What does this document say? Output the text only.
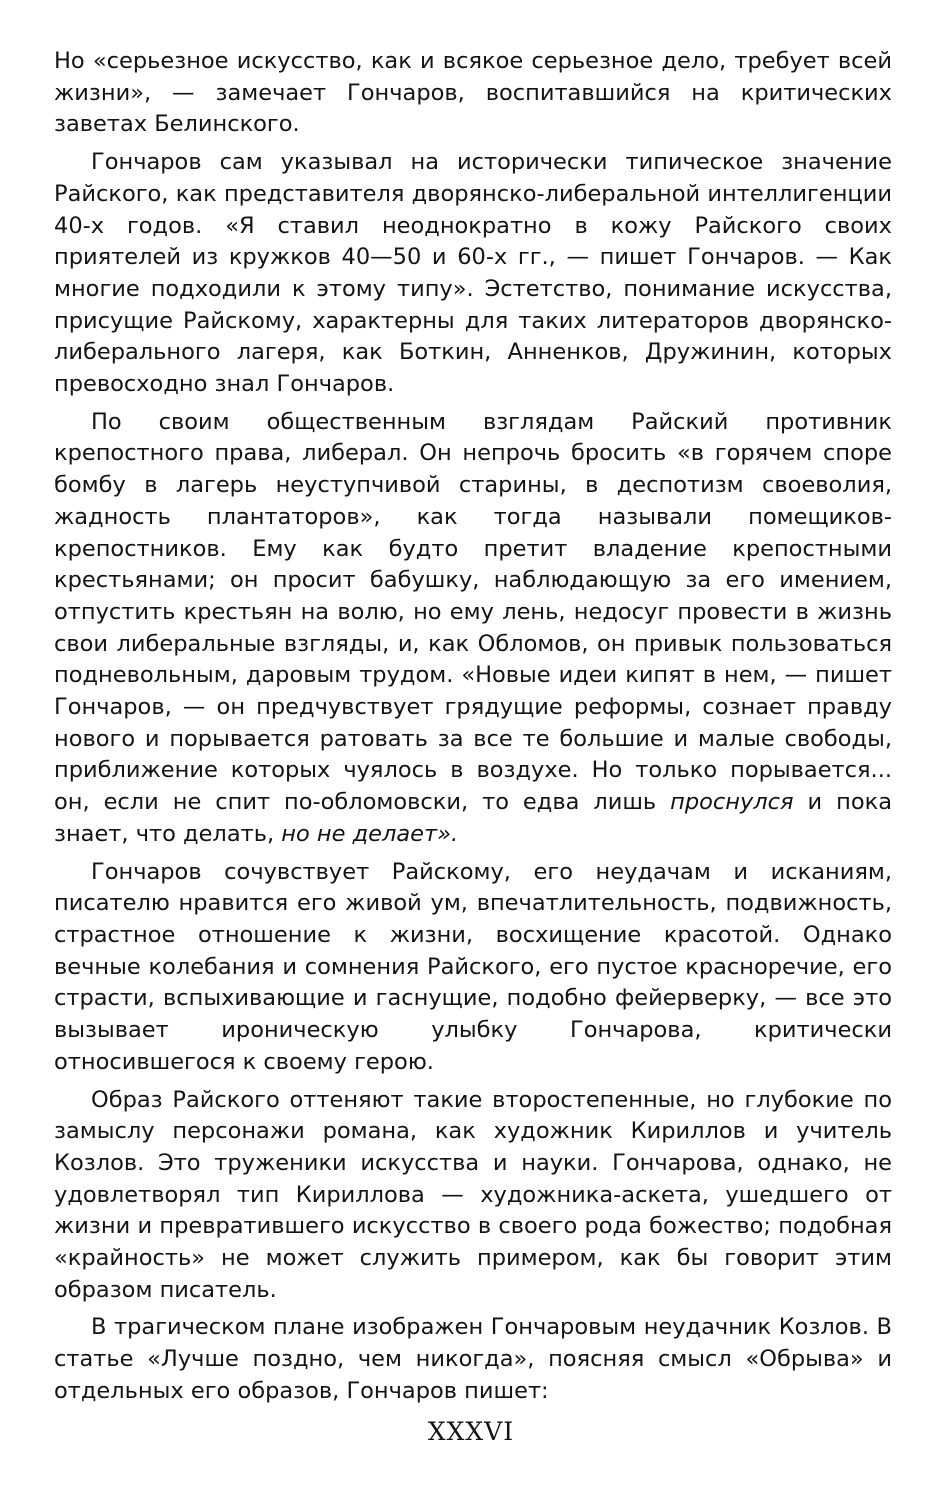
Но «серьезное искусство, как и всякое серьезное дело, требует всей жизни», — замечает Гончаров, воспитавшийся на критических заветах Белинского.

Гончаров сам указывал на исторически типическое значение Райского, как представителя дворянско-либеральной интеллигенции 40-х годов. «Я ставил неоднократно в кожу Райского своих приятелей из кружков 40—50 и 60-х гг., — пишет Гончаров. — Как многие подходили к этому типу». Эстетство, понимание искусства, присущие Райскому, характерны для таких литераторов дворянско-либерального лагеря, как Боткин, Анненков, Дружинин, которых превосходно знал Гончаров.

По своим общественным взглядам Райский противник крепостного права, либерал. Он непрочь бросить «в горячем споре бомбу в лагерь неуступчивой старины, в деспотизм своеволия, жадность плантаторов», как тогда называли помещиков-крепостников. Ему как будто претит владение крепостными крестьянами; он просит бабушку, наблюдающую за его имением, отпустить крестьян на волю, но ему лень, недосуг провести в жизнь свои либеральные взгляды, и, как Обломов, он привык пользоваться подневольным, даровым трудом. «Новые идеи кипят в нем, — пишет Гончаров, — он предчувствует грядущие реформы, сознает правду нового и порывается ратовать за все те большие и малые свободы, приближение которых чуялось в воздухе. Но только порывается... он, если не спит по-обломовски, то едва лишь проснулся и пока знает, что делать, но не делает».

Гончаров сочувствует Райскому, его неудачам и исканиям, писателю нравится его живой ум, впечатлительность, подвижность, страстное отношение к жизни, восхищение красотой. Однако вечные колебания и сомнения Райского, его пустое красноречие, его страсти, вспыхивающие и гаснущие, подобно фейерверку, — все это вызывает ироническую улыбку Гончарова, критически относившегося к своему герою.

Образ Райского оттеняют такие второстепенные, но глубокие по замыслу персонажи романа, как художник Кириллов и учитель Козлов. Это труженики искусства и науки. Гончарова, однако, не удовлетворял тип Кириллова — художника-аскета, ушедшего от жизни и превратившего искусство в своего рода божество; подобная «крайность» не может служить примером, как бы говорит этим образом писатель.

В трагическом плане изображен Гончаровым неудачник Козлов. В статье «Лучше поздно, чем никогда», поясняя смысл «Обрыва» и отдельных его образов, Гончаров пишет:

XXXVI
